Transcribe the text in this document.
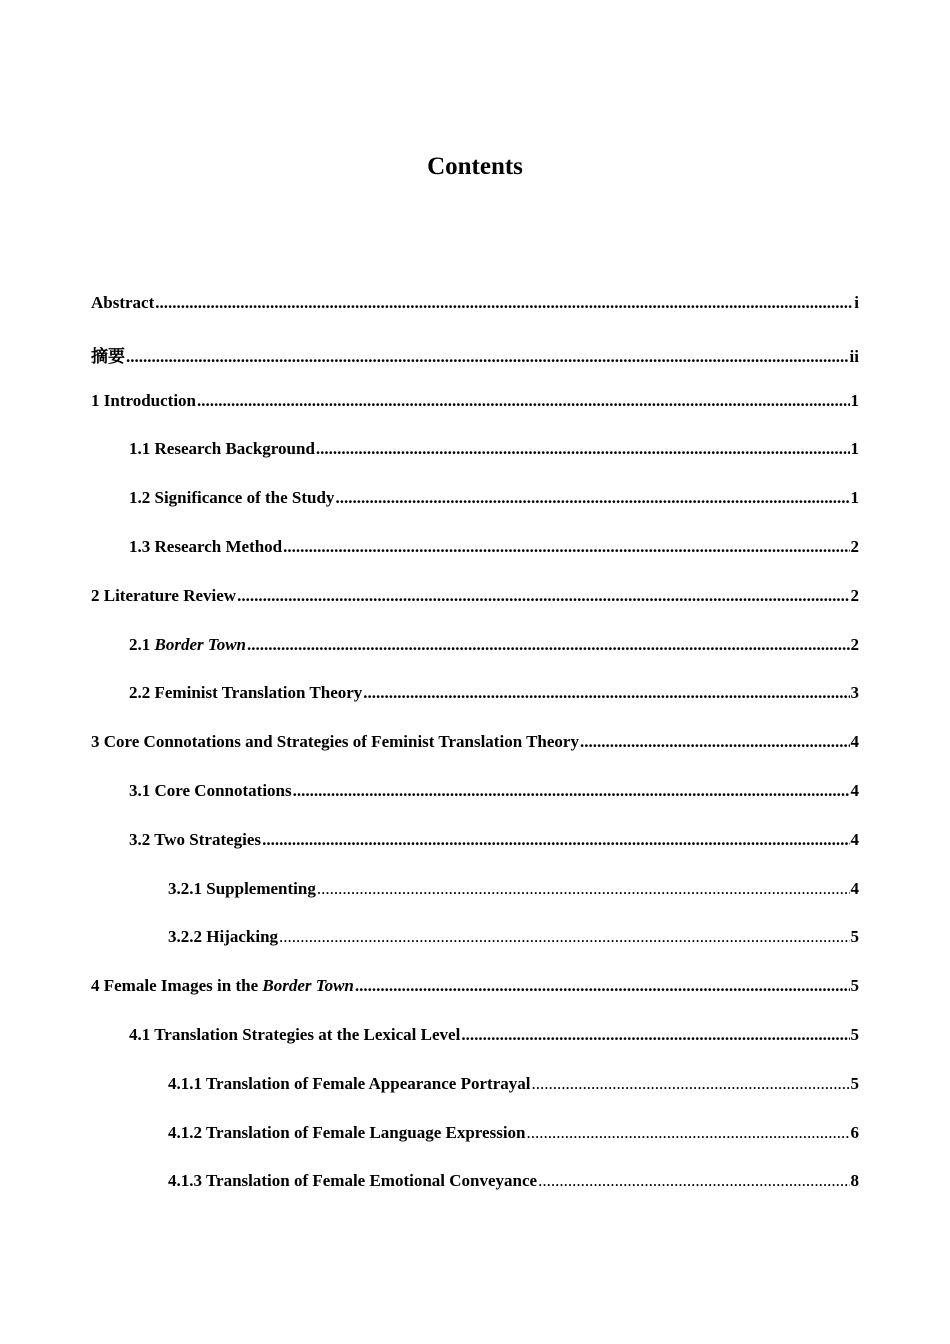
Contents
Abstract .....	i
摘要 .....	ii
1 Introduction .....	1
1.1 Research Background .....	1
1.2 Significance of the Study .....	1
1.3 Research Method .....	2
2 Literature Review .....	2
2.1 Border Town .....	2
2.2 Feminist Translation Theory .....	3
3 Core Connotations and Strategies of Feminist Translation Theory .....	4
3.1 Core Connotations .....	4
3.2 Two Strategies .....	4
3.2.1 Supplementing .....	4
3.2.2 Hijacking .....	5
4 Female Images in the Border Town .....	5
4.1 Translation Strategies at the Lexical Level .....	5
4.1.1 Translation of Female Appearance Portrayal .....	5
4.1.2 Translation of Female Language Expression .....	6
4.1.3 Translation of Female Emotional Conveyance .....	8
